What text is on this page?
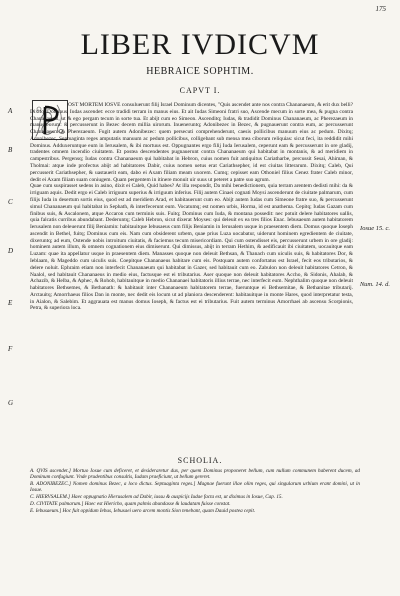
175
LIBER IVDICVM
HEBRAICE SOPHTIM.
CAPVT I.
A
B
C
D
E
F
G
Iosue 15. c.
Num. 14. d.

OST MORTEM IOSVE consuluerunt filij Israel Dominum dicentes, "Quis ascendet ante nos contra Chananaeum, & erit dux belli? Dixitq; Dominus, Iudas ascendet: ecce tradidi terram in manus eius. Et ait Iudas Simeoni fratri suo, Ascende mecum in sorte mea, & pugna contra Chananaeum, ut & ego pergam tecum in sorte tua. Et abijt cum eo Simeon. Ascenditq; Iudas, & tradidit Dominus Chananaeum, ac Pherezaeum in manus eorum: & percusserunt in Bezec decem millia uirorum. Inueneruntq; Adonibezec in Bezec, & pugnauerunt contra eum, ac percusserunt Chananaeum & Pherezaeum. Fugit autem Adonibezec: quem persecuti comprehenderunt, caesis pollicibus manuum eius ac pedum. Dixitq; Adonibezec, Septuaginta reges amputatis manuum ac pedum pollicibus, colligebant sub mensa mea ciborum reliquias: sicut feci, ita reddidit mihi Dominus. Adduxeruntque eum in Ierusalem, & ibi mortuus est. Oppugnantes ergo filij Iuda Ierusalem, ceperunt eam & percusserunt in ore gladij, tradentes omnem incendio ciuitatem. Et postea descendentes pugnauerunt contra Chananaeum qui habitabat in montanis, & ad meridiem in campestribus. Pergensq; Iudas contra Chananaeum qui habitabat in Hebron, cuius nomen fuit antiquitus Cariatharbe, percussit Sesai, Ahiman, & Tholmai: atque inde profectus abijt ad habitatores Dabir, cuius nomen uetus erat Cariathsepher, id est ciuitas litterarum. Dixitq; Caleb, Qui percusserit Cariathsepher, & uastauerit eam, dabo ei Axam filiam meam uxorem. Cumq; cepisset eam Othoniel filius Cenez frater Caleb minor, dedit ei Axam filiam suam coniugem. Quam pergentem in itinere monuit uir suus ut peteret a patre suo agrum.

Quae cum suspirasset sedens in asino, dixit ei Caleb, Quid habes? At illa respondit, Da mihi benedictionem, quia terram arentem dedisti mihi: da & irriguam aquis. Dedit ergo ei Caleb irriguum superius & irriguum inferius. Filij autem Cinaei cognati Moysi ascenderunt de ciuitate palmarum, cum filijs Iuda in desertum sortis eius, quod est ad meridiem Arad, et habitauerunt cum eo. Abijt autem Iudas cum Simeone fratre suo, & percusserunt simul Chananaeum qui habitabat in Sephath, & interfecerunt eum. Vocatumq; est nomen urbis, Horma, id est anathema. Cepitq; Iudas Gazam cum finibus suis, & Ascalonem, atque Accaron cum terminis suis. Fuitq; Dominus cum Iuda, & montana possedit: nec potuit delere habitatores uallis, quia falcatis curribus abundabant. Dederuntq; Caleb Hebron, sicut dixerat Moyses: qui deleuit ex ea tres filios Enac. Iebusaeum autem habitatorem Ierusalem non deleuerunt filij Beniamin: habitauitque Iebusaeus cum filijs Beniamin in Ierusalem usque in praesentem diem. Domus quoque Ioseph ascendit in Bethel, fuitq; Dominus cum eis. Nam cum obsiderent urbem, quae prius Luza uocabatur, uiderunt hominem egredientem de ciuitate, dixeruntq; ad eum, Ostende nobis introitum ciuitatis, & faciemus tecum misericordiam. Qui cum ostendisset eis, percusserunt urbem in ore gladij: hominem autem illum, & omnem cognationem eius dimiserunt. Qui dimissus, abijt in terram Hethim, & aedificauit ibi ciuitatem, uocauitque eam Luzam: quae ita appellatur usque in praesentem diem. Manasses quoque non deleuit Bethsan, & Thanach cum uiculis suis, & habitatores Dor, & Ieblaam, & Mageddo cum uiculis suis. Coepitque Chananaeus habitare cum eis. Postquam autem confortatus est Israel, fecit eos tributarios, & delere noluit. Ephraim etiam non interfecit Chananaeum qui habitabat in Gazer, sed habitauit cum eo. Zabulon non deleuit habitatores Cetron, & Naalol, sed habitauit Chananaeus in medio eius, factusque est ei tributarius. Aser quoque non deleuit habitatores Accho, & Sidonis, Ahalab, & Achazib, & Helba, & Aphec, & Rohob, habitauitque in medio Chananaei habitatoris illius terrae, nec interfecit eum. Nephthalim quoque non deleuit habitatores Bethsemes, & Bethanath: & habitauit inter Chananaeum habitatorem terrae, fueruntque ei Bethsemitae, & Bethanitae tributarij. Arctauitq; Amorrhaeus filios Dan in monte, nec dedit eis locum ut ad planiora descenderent: habitauitque in monte Hares, quod interpretatur testa, in Aialon, & Salebim. Et aggrauata est manus domus Ioseph, & factus est ei tributarius. Fuit autem terminus Amorrhaei ab ascensu Scorpionis, Petra, & superiora loca.

SCHOLIA.

A. QVIS ascendet.] Mortuo Iosue cum deficeret, et desideraretur dux, per quem Dominus proponeret bellum, cum nullum communem haberent ducem, ad Dominum confugiunt. Vnde prudentibus consultis, Iudam praeficiunt, ut bellum gereret.

B. ADONIBEZEC.] Nomen dominus Bezec, a loco dictus. Septuaginta reges.] Magnae fuerunt illae olim reges, qui singularum urbium erant domini, ut in Iosue.

C. HIERVSALEM.] Haec oppugnatio Hierusalem ad Dabir, iussu & auspicijs Iudae facta est, ut diximus in Iosue, Cap. 15.

D. CIVITATE palmarum.] Haec est Hiericho, quam palmis abundasse & laudatam fuisse constat.

E. Iebusaeum.] Hoc fuit oppidum Iebus, Iebusaei uero arcem montis Sion tenebant, quam Dauid postea cepit.
